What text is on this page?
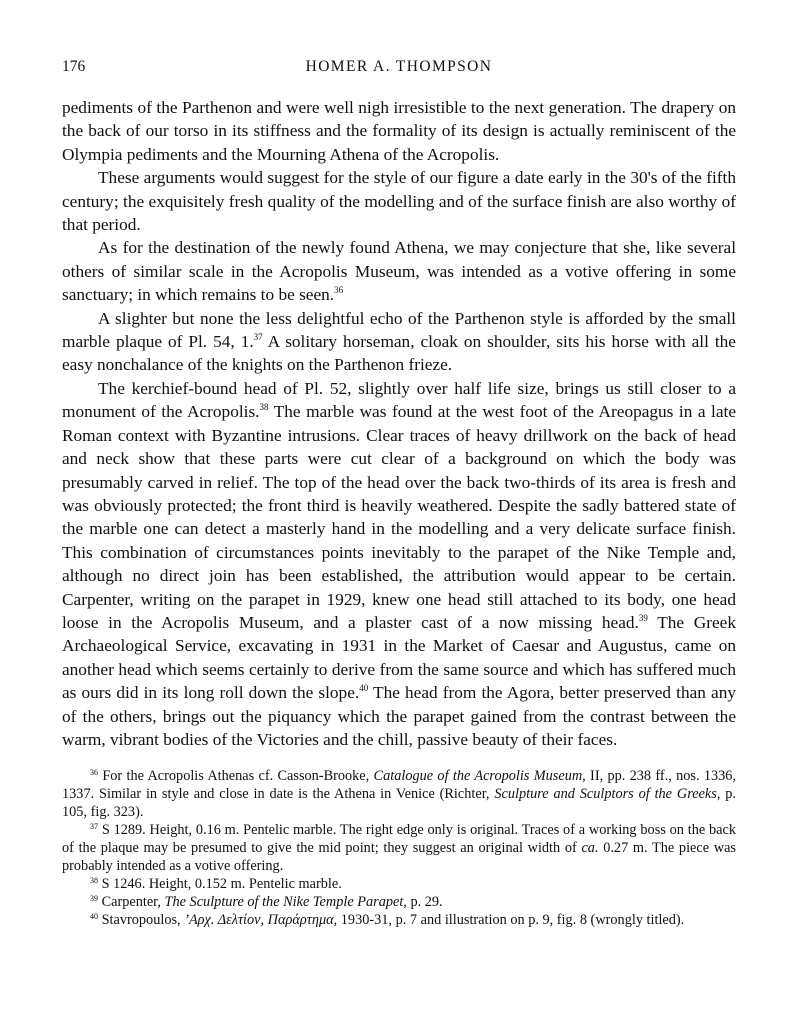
176	HOMER A. THOMPSON

pediments of the Parthenon and were well nigh irresistible to the next generation. The drapery on the back of our torso in its stiffness and the formality of its design is actually reminiscent of the Olympia pediments and the Mourning Athena of the Acropolis.

These arguments would suggest for the style of our figure a date early in the 30's of the fifth century; the exquisitely fresh quality of the modelling and of the surface finish are also worthy of that period.

As for the destination of the newly found Athena, we may conjecture that she, like several others of similar scale in the Acropolis Museum, was intended as a votive offering in some sanctuary; in which remains to be seen.$^{36}$

A slighter but none the less delightful echo of the Parthenon style is afforded by the small marble plaque of Pl. 54, 1.37 A solitary horseman, cloak on shoulder, sits his horse with all the easy nonchalance of the knights on the Parthenon frieze.

The kerchief-bound head of Pl. 52, slightly over half life size, brings us still closer to a monument of the Acropolis.$^{38}$ The marble was found at the west foot of the Areopagus in a late Roman context with Byzantine intrusions. Clear traces of heavy drillwork on the back of head and neck show that these parts were cut clear of a background on which the body was presumably carved in relief. The top of the head over the back two-thirds of its area is fresh and was obviously protected; the front third is heavily weathered. Despite the sadly battered state of the marble one can detect a masterly hand in the modelling and a very delicate surface finish. This combination of circumstances points inevitably to the parapet of the Nike Temple and, although no direct join has been established, the attribution would appear to be certain. Carpenter, writing on the parapet in 1929, knew one head still attached to its body, one head loose in the Acropolis Museum, and a plaster cast of a now missing head.$^{39}$ The Greek Archaeological Service, excavating in 1931 in the Market of Caesar and Augustus, came on another head which seems certainly to derive from the same source and which has suffered much as ours did in its long roll down the slope.$^{40}$ The head from the Agora, better preserved than any of the others, brings out the piquancy which the parapet gained from the contrast between the warm, vibrant bodies of the Victories and the chill, passive beauty of their faces.

$^{36}$ For the Acropolis Athenas cf. Casson-Brooke, Catalogue of the Acropolis Museum, II, pp. 238 ff., nos. 1336, 1337. Similar in style and close in date is the Athena in Venice (Richter, Sculpture and Sculptors of the Greeks, p. 105, fig. 323).

$^{37}$ S 1289. Height, 0.16 m. Pentelic marble. The right edge only is original. Traces of a working boss on the back of the plaque may be presumed to give the mid point; they suggest an original width of ca. 0.27 m. The piece was probably intended as a votive offering.

$^{38}$ S 1246. Height, 0.152 m. Pentelic marble.

$^{39}$ Carpenter, The Sculpture of the Nike Temple Parapet, p. 29.

$^{40}$ Stavropoulos, ’Αρχ. Δελτίον, Παράρτημα, 1930-31, p. 7 and illustration on p. 9, fig. 8 (wrongly titled).
